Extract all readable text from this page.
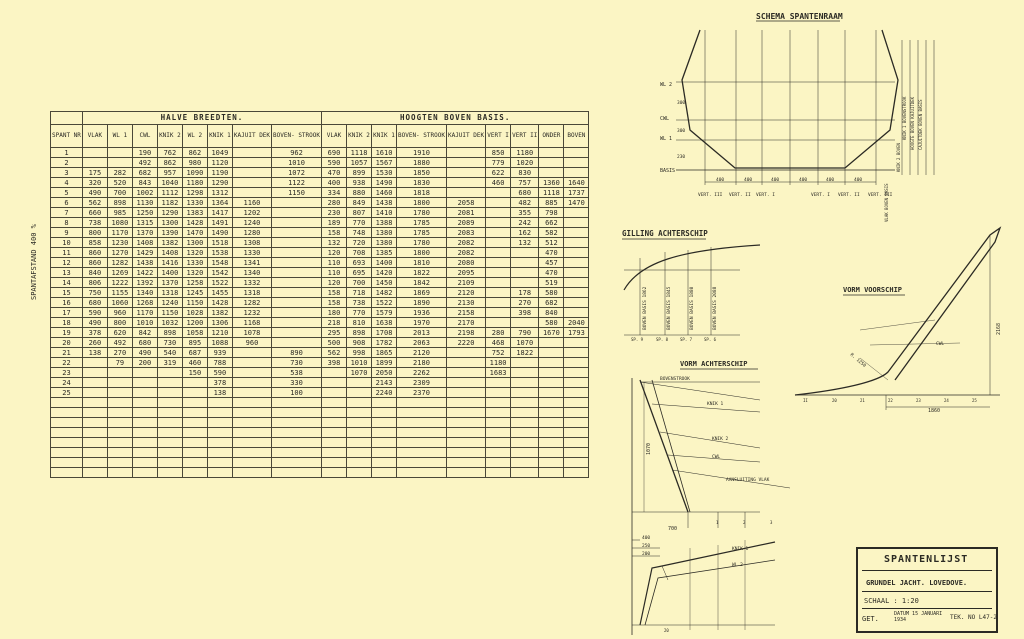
SPANTAFSTAND 400 %
	HALVE BREEDTEN.								HOOGTEN BOVEN BASIS.								
SPANT NR	VLAK	WL 1	CWL	KNIK 2	WL 2	KNIK 1	KAJUIT DEK	BOVEN- STROOK	VLAK	KNIK 2	KNIK 1	BOVEN- STROOK	KAJUIT DEK	VERT I	VERT II	ONDER	BOVEN
1			190	762	862	1049		962	690	1118	1610	1910		850	1180		
2			492	862	980	1120		1010	590	1057	1567	1880		779	1020		
3	175	282	682	957	1090	1190		1072	470	899	1530	1850		622	830		
4	320	520	843	1040	1180	1290		1122	400	938	1490	1830		460	757	1360	1640
5	490	700	1002	1112	1298	1312		1150	334	880	1460	1818			680	1118	1737
6	562	898	1130	1182	1330	1364	1160		280	849	1438	1800	2058		482	885	1470
7	660	985	1250	1290	1383	1417	1202		230	807	1410	1780	2081		355	798	
8	738	1080	1315	1300	1428	1491	1240		189	770	1388	1785	2089		242	662	
9	800	1170	1370	1390	1470	1490	1280		158	748	1380	1785	2083		162	582	
10	858	1230	1408	1382	1300	1518	1308		132	720	1380	1780	2082		132	512	
11	860	1270	1429	1408	1320	1538	1330		120	708	1385	1800	2082			470	
12	860	1282	1438	1416	1330	1548	1341		110	693	1400	1810	2080			457	
13	840	1269	1422	1400	1320	1542	1340		110	695	1420	1822	2095			470	
14	806	1222	1392	1370	1258	1522	1332		120	700	1450	1842	2109			519	
15	750	1155	1340	1318	1245	1455	1318		158	718	1482	1869	2120		178	580	
16	680	1060	1268	1240	1150	1428	1282		158	738	1522	1890	2130		270	682	
17	590	960	1170	1150	1028	1382	1232		180	770	1579	1936	2158		398	840	
18	490	800	1010	1032	1200	1306	1168		218	810	1638	1970	2170			580	2040
19	378	620	842	898	1058	1210	1078		295	898	1708	2013	2198	280	790	1670	1793
20	260	492	680	730	895	1088	960		500	908	1782	2063	2220	468	1070		
21	138	270	490	540	687	939		890	562	998	1865	2120		752	1822		
22		79	200	319	460	788		730	398	1010	1899	2180		1180			
23					150	590		538		1070	2050	2262		1683			
24						378		330			2143	2309					
25						138		100			2240	2370					

SCHEMA SPANTENRAAM
WL 2
CWL
WL 1
BASIS
300
300
230
400	400	400	400	400	400
VERT. III VERT. II VERT. I	VERT. I VERT. II VERT. III
KNIK 1 BOVENSTROOK HOOGTE BOVEN KAJUITDEK CAJUITDEK BOVEN BASIS
KNIK 2 BOVEN
VLAK BOVEN BASIS
GILLING ACHTERSCHIP
BOVEN BASIS 1862	BOVEN BASIS 1845	BOVEN BASIS 1880	BOVEN BASIS 2088
SP. 9	SP. 8	SP. 7	SP. 6
VORM VOORSCHIP
R. 1250
CWL
2168
1860
II	20	21	22	23	24	25
VORM ACHTERSCHIP
BOVENSTROOK
KNIK 1
KNIK 2
CWL
AANSLUITING VLAK
1070
700
1	2	3
400
250
200
KNIK 1
WL 2
20
SPANTENLIJST
GRUNDEL JACHT. LOVEDOVE.
SCHAAL : 1:20
GET.
DATUM 15 JANUARI 1934	TEK. NO L47-2
